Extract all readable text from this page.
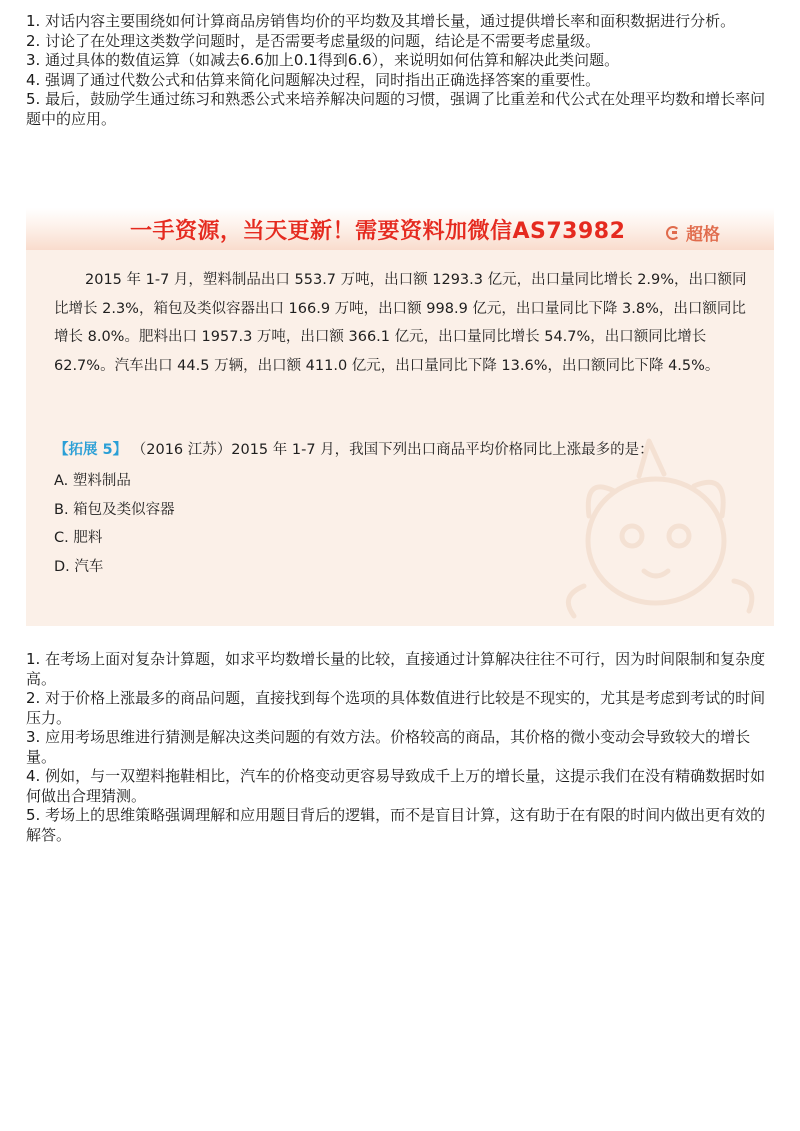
1. 对话内容主要围绕如何计算商品房销售均价的平均数及其增长量，通过提供增长率和面积数据进行分析。
2. 讨论了在处理这类数学问题时，是否需要考虑量级的问题，结论是不需要考虑量级。
3. 通过具体的数值运算（如减去6.6加上0.1得到6.6），来说明如何估算和解决此类问题。
4. 强调了通过代数公式和估算来简化问题解决过程，同时指出正确选择答案的重要性。
5. 最后，鼓励学生通过练习和熟悉公式来培养解决问题的习惯，强调了比重差和代公式在处理平均数和增长率问题中的应用。
一手资源，当天更新！需要资料加微信AS73982	超格

2015 年 1-7 月，塑料制品出口 553.7 万吨，出口额 1293.3 亿元，出口量同比增长 2.9%，出口额同比增长 2.3%，箱包及类似容器出口 166.9 万吨，出口额 998.9 亿元，出口量同比下降 3.8%，出口额同比增长 8.0%。肥料出口 1957.3 万吨，出口额 366.1 亿元，出口量同比增长 54.7%，出口额同比增长62.7%。汽车出口 44.5 万辆，出口额 411.0 亿元，出口量同比下降 13.6%，出口额同比下降 4.5%。

【拓展 5】 （2016 江苏）2015 年 1-7 月，我国下列出口商品平均价格同比上涨最多的是：
A. 塑料制品
B. 箱包及类似容器
C. 肥料
D. 汽车
1. 在考场上面对复杂计算题，如求平均数增长量的比较，直接通过计算解决往往不可行，因为时间限制和复杂度高。
2. 对于价格上涨最多的商品问题，直接找到每个选项的具体数值进行比较是不现实的，尤其是考虑到考试的时间压力。
3. 应用考场思维进行猜测是解决这类问题的有效方法。价格较高的商品，其价格的微小变动会导致较大的增长量。
4. 例如，与一双塑料拖鞋相比，汽车的价格变动更容易导致成千上万的增长量，这提示我们在没有精确数据时如何做出合理猜测。
5. 考场上的思维策略强调理解和应用题目背后的逻辑，而不是盲目计算，这有助于在有限的时间内做出更有效的解答。
